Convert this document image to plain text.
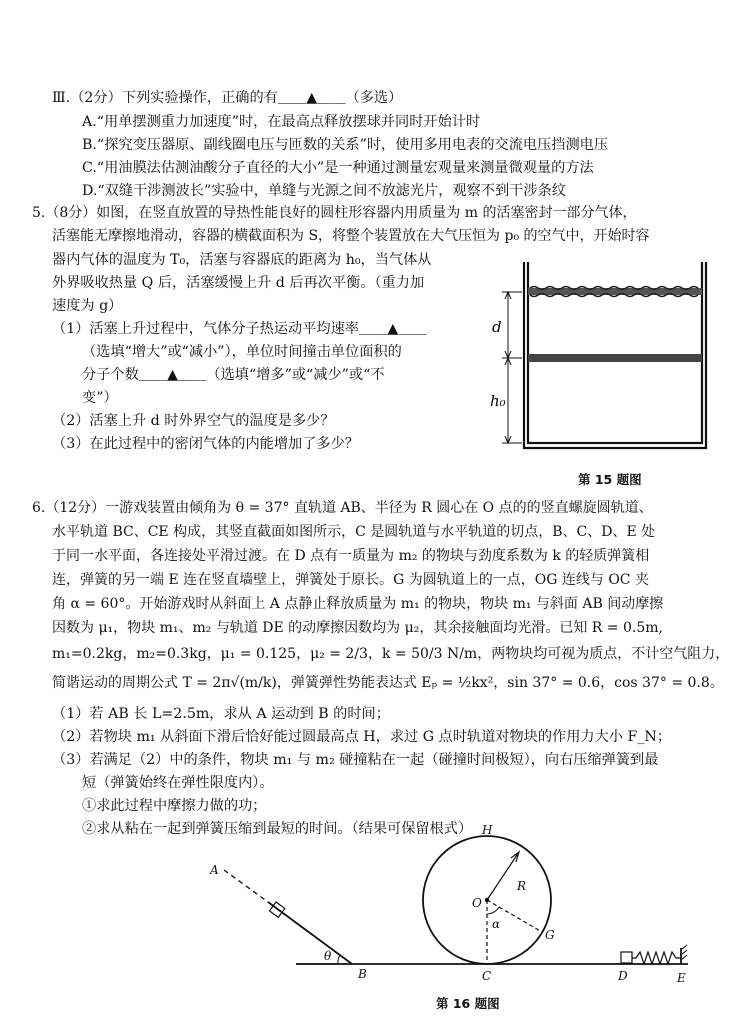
Ⅲ.（2分）下列实验操作，正确的有＿＿▲＿＿（多选）
A.“用单摆测重力加速度”时，在最高点释放摆球并同时开始计时
B.“探究变压器原、副线圈电压与匝数的关系”时，使用多用电表的交流电压挡测电压
C.“用油膜法估测油酸分子直径的大小”是一种通过测量宏观量来测量微观量的方法
D.“双缝干涉测波长”实验中，单缝与光源之间不放滤光片，观察不到干涉条纹
5.（8分）如图，在竖直放置的导热性能良好的圆柱形容器内用质量为 m 的活塞密封一部分气体，
活塞能无摩擦地滑动，容器的横截面积为 S，将整个装置放在大气压恒为 p₀ 的空气中，开始时容
器内气体的温度为 T₀，活塞与容器底的距离为 h₀，当气体从
外界吸收热量 Q 后，活塞缓慢上升 d 后再次平衡。（重力加
速度为 g）
（1）活塞上升过程中，气体分子热运动平均速率＿＿▲＿＿
（选填“增大”或“减小”），单位时间撞击单位面积的
分子个数＿＿▲＿＿（选填“增多”或“减少”或“不
变”）
（2）活塞上升 d 时外界空气的温度是多少？
（3）在此过程中的密闭气体的内能增加了多少？
d
h₀
第 15 题图
6.（12分）一游戏装置由倾角为 θ = 37° 直轨道 AB、半径为 R 圆心在 O 点的的竖直螺旋圆轨道、
水平轨道 BC、CE 构成，其竖直截面如图所示，C 是圆轨道与水平轨道的切点，B、C、D、E 处
于同一水平面，各连接处平滑过渡。在 D 点有一质量为 m₂ 的物块与劲度系数为 k 的轻质弹簧相
连，弹簧的另一端 E 连在竖直墙壁上，弹簧处于原长。G 为圆轨道上的一点，OG 连线与 OC 夹
角 α = 60°。开始游戏时从斜面上 A 点静止释放质量为 m₁ 的物块，物块 m₁ 与斜面 AB 间动摩擦
因数为 μ₁，物块 m₁、m₂ 与轨道 DE 的动摩擦因数均为 μ₂，其余接触面均光滑。已知 R = 0.5m,
m₁=0.2kg，m₂=0.3kg，μ₁ = 0.125，μ₂ = 2/3，k = 50/3 N/m，两物块均可视为质点，不计空气阻力，
简谐运动的周期公式 T = 2π√(m/k)，弹簧弹性势能表达式 Eₚ = ½kx²，sin 37° = 0.6，cos 37° = 0.8。
（1）若 AB 长 L=2.5m，求从 A 运动到 B 的时间；
（2）若物块 m₁ 从斜面下滑后恰好能过圆最高点 H，求过 G 点时轨道对物块的作用力大小 F_N；
（3）若满足（2）中的条件，物块 m₁ 与 m₂ 碰撞粘在一起（碰撞时间极短），向右压缩弹簧到最
短（弹簧始终在弹性限度内）。
①求此过程中摩擦力做的功；
②求从粘在一起到弹簧压缩到最短的时间。（结果可保留根式）
A
B	C	D	E
H
O
G
R
θ
α
第 16 题图
